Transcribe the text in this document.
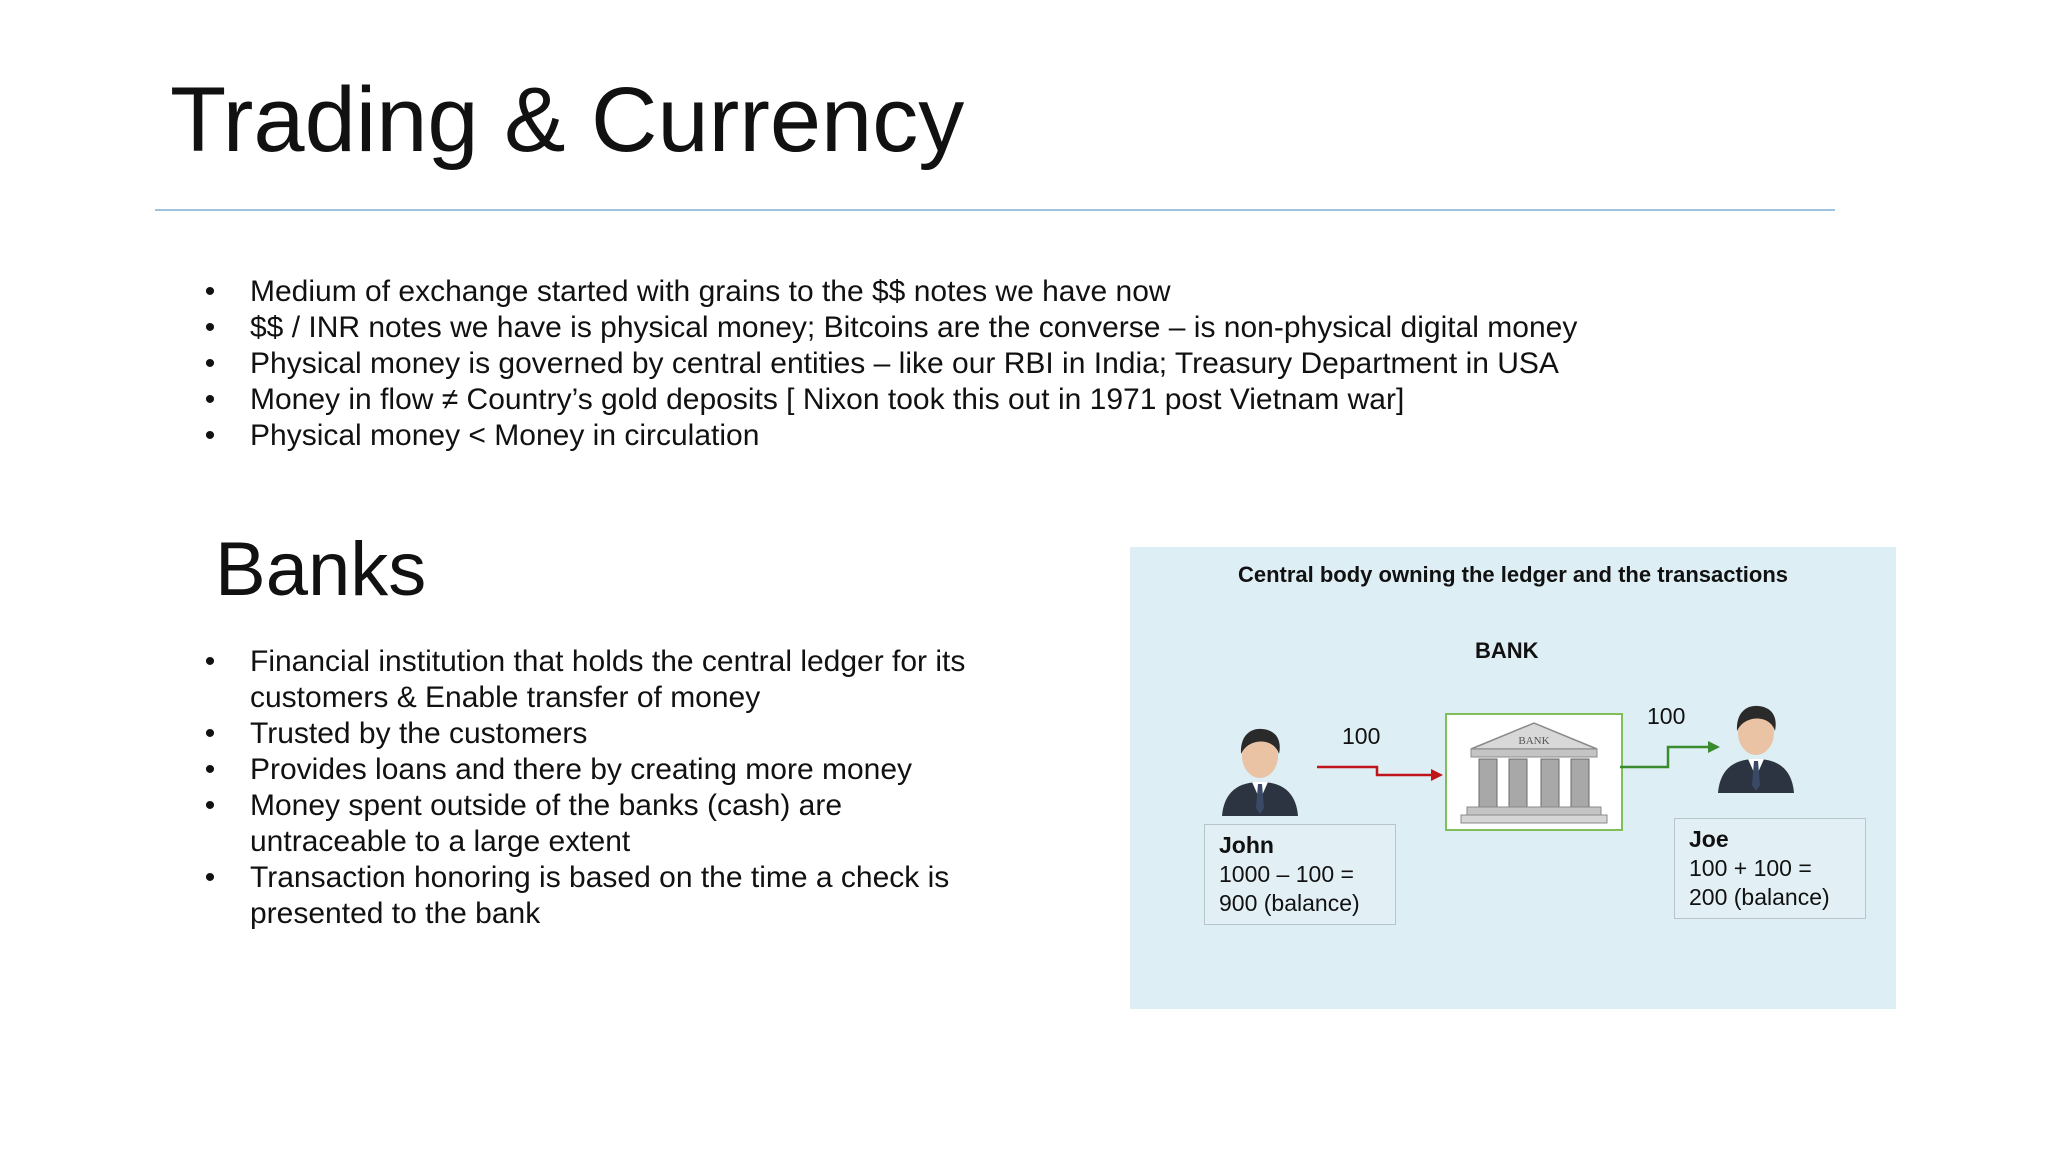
Trading & Currency
• Medium of exchange started with grains to the $$ notes we have now
• $$ / INR notes we have is physical money; Bitcoins are the converse – is non-physical digital money
• Physical money is governed by central entities – like our RBI in India; Treasury Department in USA
• Money in flow ≠ Country’s gold deposits [ Nixon took this out in 1971 post Vietnam war]
• Physical money < Money in circulation
Banks
• Financial institution that holds the central ledger for its customers & Enable transfer of money
• Trusted by the customers
• Provides loans and there by creating more money
• Money spent outside of the banks (cash) are untraceable to a large extent
• Transaction honoring is based on the time a check is presented to the bank
Central body owning the ledger and the transactions
BANK
BANK
100
100
John
1000 – 100 =
900 (balance)
Joe
100 + 100 =
200 (balance)
